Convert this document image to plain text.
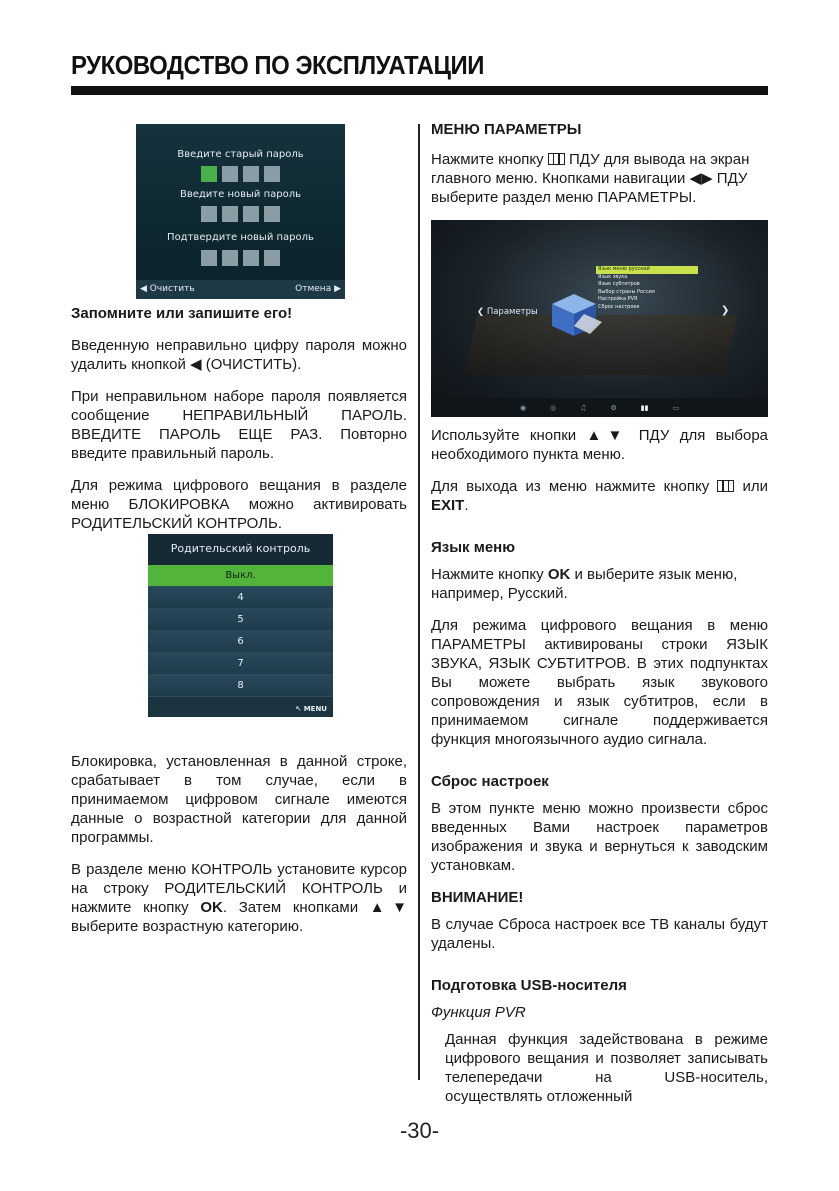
РУКОВОДСТВО ПО ЭКСПЛУАТАЦИИ
Введите старый пароль
Введите новый пароль
Подтвердите новый пароль
◀ Очистить	Отмена ▶
Запомните или запишите его!

Введенную неправильно цифру пароля можно удалить кнопкой ◀ (ОЧИСТИТЬ).

При неправильном наборе пароля появляется сообщение НЕПРАВИЛЬНЫЙ ПАРОЛЬ. ВВЕДИТЕ ПАРОЛЬ ЕЩЕ РАЗ. Повторно введите правильный пароль.

Для режима цифрового вещания в разделе меню БЛОКИРОВКА можно активировать РОДИТЕЛЬСКИЙ КОНТРОЛЬ.

Блокировка, установленная в данной строке, срабатывает в том случае, если в принимаемом цифровом сигнале имеются данные о возрастной категории для данной программы.

В разделе меню КОНТРОЛЬ установите курсор на строку РОДИТЕЛЬСКИЙ КОНТРОЛЬ и нажмите кнопку OK. Затем кнопками ▲▼ выберите возрастную категорию.

Родительский контроль
Выкл.
4
5
6
7
8
↖ MENU
МЕНЮ ПАРАМЕТРЫ

Нажмите кнопку  ПДУ для вывода на экран главного меню. Кнопками навигации ◀▶ ПДУ выберите раздел меню ПАРАМЕТРЫ.

Используйте кнопки ▲▼ ПДУ для выбора необходимого пункта меню.

Для выхода из меню нажмите кнопку  или EXIT.

Язык меню

Нажмите кнопку OK и выберите язык меню, например, Русский.

Для режима цифрового вещания в меню ПАРАМЕТРЫ активированы строки ЯЗЫК ЗВУКА, ЯЗЫК СУБТИТРОВ. В этих подпунктах Вы можете выбрать язык звукового сопровождения и язык субтитров, если в принимаемом сигнале поддерживается функция многоязычного аудио сигнала.

Сброс настроек

В этом пункте меню можно произвести сброс введенных Вами настроек параметров изображения и звука и вернуться к заводским установкам.

ВНИМАНИЕ!

В случае Сброса настроек все ТВ каналы будут удалены.

Подготовка USB-носителя

Функция PVR

Данная функция задействована в режиме цифрового вещания и позволяет записывать телепередачи на USB-носитель, осуществлять отложенный

❮ Параметры	❯
Язык меню русский
Язык звука
Язык субтитров
Выбор страны Россия
Настройка PVR
Сброс настроек
◉	◎	♫	⚙	▮▮	▭
-30-
